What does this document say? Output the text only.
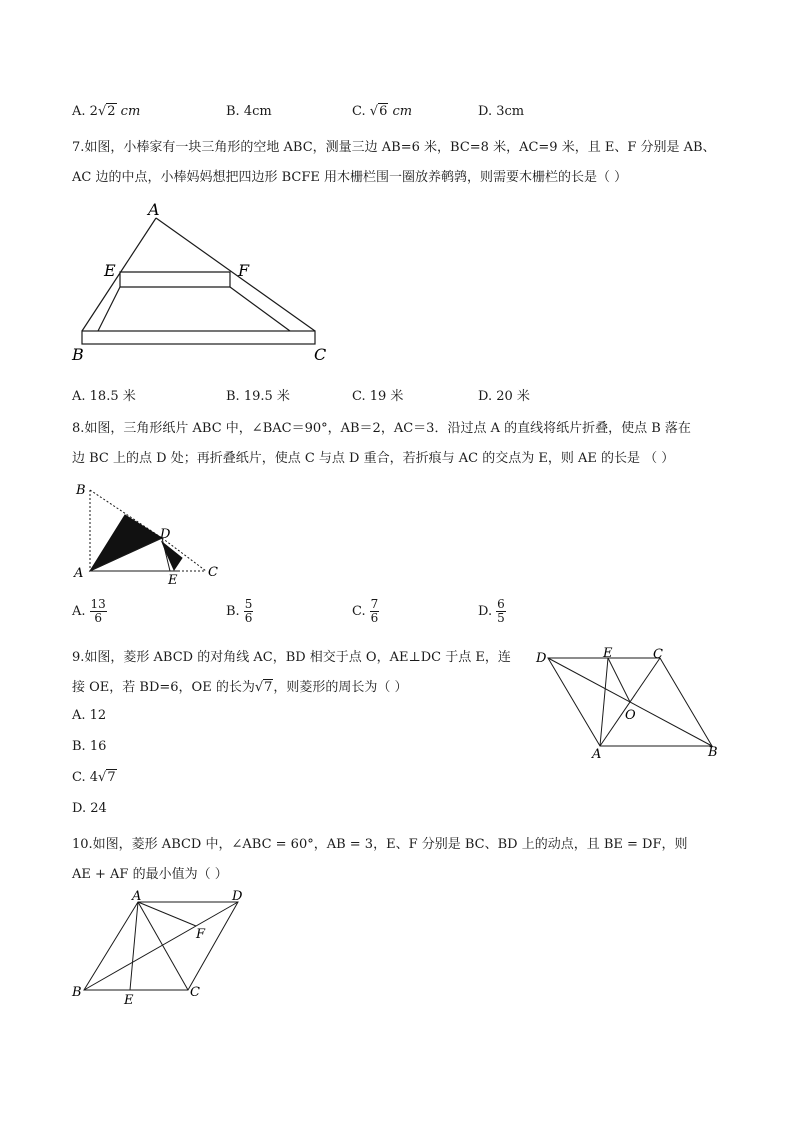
A. 2√2 cm	B. 4cm	C. √6 cm	D. 3cm
7.如图，小棒家有一块三角形的空地 ABC，测量三边 AB=6 米，BC=8 米，AC=9 米，且 E、F 分别是 AB、
AC 边的中点，小棒妈妈想把四边形 BCFE 用木栅栏围一圈放养鹌鹑，则需要木栅栏的长是（ ）
A
E	F
B	C
A. 18.5 米	B. 19.5 米	C. 19 米	D. 20 米
8.如图，三角形纸片 ABC 中，∠BAC＝90°，AB＝2，AC＝3．沿过点 A 的直线将纸片折叠，使点 B 落在
边 BC 上的点 D 处；再折叠纸片，使点 C 与点 D 重合，若折痕与 AC 的交点为 E，则 AE 的长是 （ ）
B
A
D
E
C
A. $\frac{13}{6}$	B. $\frac{5}{6}$	C. $\frac{7}{6}$	D. $\frac{6}{5}$
9.如图，菱形 ABCD 的对角线 AC，BD 相交于点 O，AE⊥DC 于点 E，连
接 OE，若 BD=6，OE 的长为√7，则菱形的周长为（ ）
A. 12
B. 16
C. 4√7
D. 24
D	E	C
O
A	B
10.如图，菱形 ABCD 中，∠ABC = 60°，AB = 3，E、F 分别是 BC、BD 上的动点，且 BE = DF，则
AE + AF 的最小值为（ ）
A	D
F
B
E
C
